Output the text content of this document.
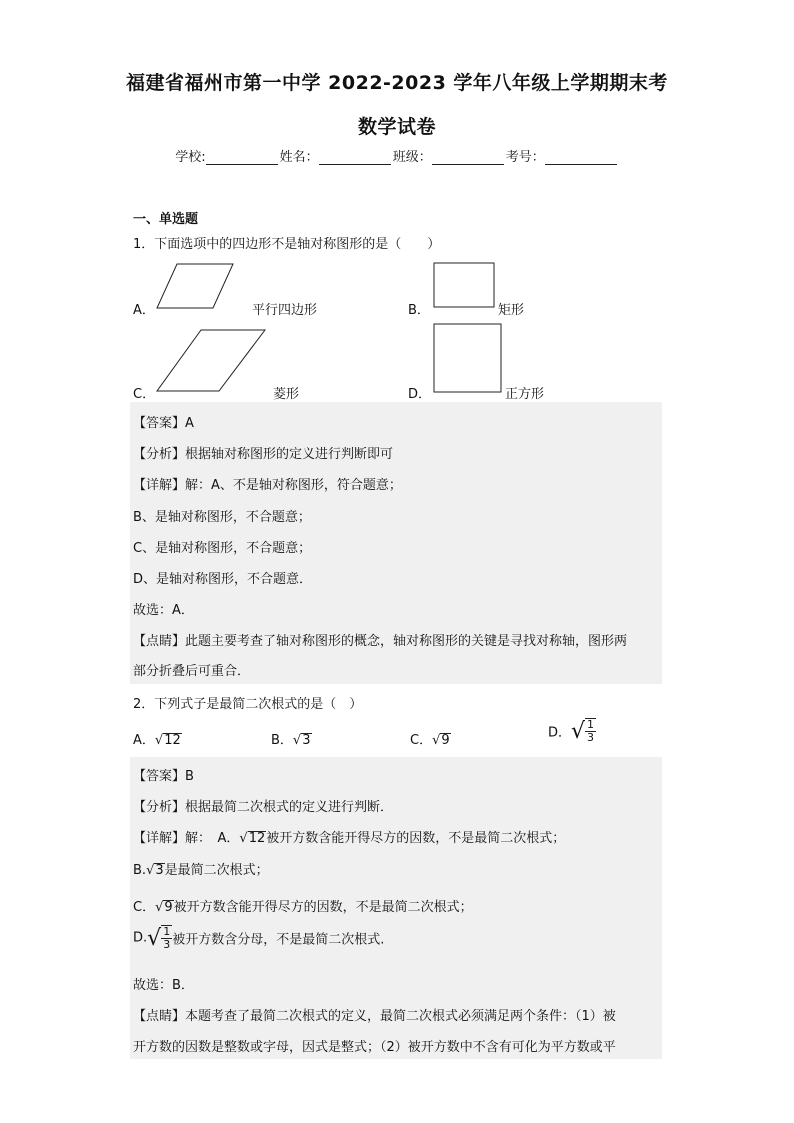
福建省福州市第一中学 2022-2023 学年八年级上学期期末考
数学试卷
学校:	姓名：	班级：	考号：
一、单选题
1．下面选项中的四边形不是轴对称图形的是（　　）
A．	平行四边形	B．	矩形
C．	菱形	D．	正方形
【答案】A
【分析】根据轴对称图形的定义进行判断即可
【详解】解：A、不是轴对称图形，符合题意；
B、是轴对称图形，不合题意；
C、是轴对称图形，不合题意；
D、是轴对称图形，不合题意．
故选：A．
【点睛】此题主要考查了轴对称图形的概念，轴对称图形的关键是寻找对称轴，图形两
部分折叠后可重合．
2．下列式子是最简二次根式的是（　）
A．√12	B．√3	C．√9	D．√ $\frac{1}{3}$
【答案】B
【分析】根据最简二次根式的定义进行判断．
【详解】解：　A．√12被开方数含能开得尽方的因数，不是最简二次根式；
B.√3是最简二次根式；
C．√9被开方数含能开得尽方的因数，不是最简二次根式；
$D.√ \frac{1}{3}$ 被开方数含分母，不是最简二次根式.
故选：B．
【点睛】本题考查了最简二次根式的定义，最简二次根式必须满足两个条件：（1）被
开方数的因数是整数或字母，因式是整式；（2）被开方数中不含有可化为平方数或平
